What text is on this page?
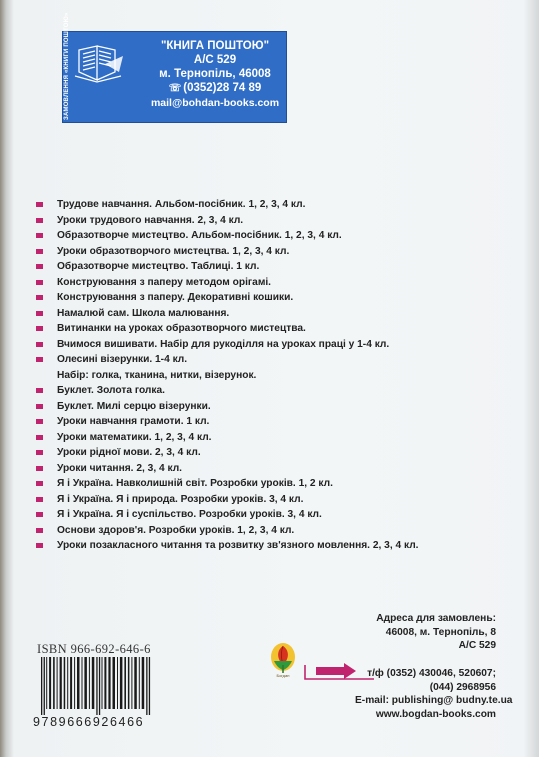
ЗАМОВЛЕННЯ «КНИГИ ПОШТОЮ»	"КНИГА ПОШТОЮ"
А/С 529
м. Тернопіль, 46008
☏ (0352)28 74 89
mail@bohdan-books.com
Трудове навчання. Альбом-посібник. 1, 2, 3, 4 кл.
Уроки трудового навчання. 2, 3, 4 кл.
Образотворче мистецтво. Альбом-посібник. 1, 2, 3, 4 кл.
Уроки образотворчого мистецтва. 1, 2, 3, 4 кл.
Образотворче мистецтво. Таблиці. 1 кл.
Конструювання з паперу методом орігамі.
Конструювання з паперу. Декоративні кошики.
Намалюй сам. Школа малювання.
Витинанки на уроках образотворчого мистецтва.
Вчимося вишивати. Набір для рукоділля на уроках праці у 1-4 кл.
Олесині візерунки. 1-4 кл.
Набір: голка, тканина, нитки, візерунок.
Буклет. Золота голка.
Буклет. Милі серцю візерунки.
Уроки навчання грамоти. 1 кл.
Уроки математики. 1, 2, 3, 4 кл.
Уроки рідної мови. 2, 3, 4 кл.
Уроки читання. 2, 3, 4 кл.
Я і Україна. Навколишній світ. Розробки уроків. 1, 2 кл.
Я і Україна. Я і природа. Розробки уроків. 3, 4 кл.
Я і Україна. Я і суспільство. Розробки уроків. 3, 4 кл.
Основи здоров'я. Розробки уроків. 1, 2, 3, 4 кл.
Уроки позакласного читання та розвитку зв'язного мовлення. 2, 3, 4 кл.
Адреса для замовлень:
46008, м. Тернопіль, 8
А/С 529
Богдан	т/ф (0352) 430046, 520607;
(044) 2968956
E-mail: publishing@ budny.te.ua
www.bogdan-books.com
ISBN 966-692-646-6
9789666926466
